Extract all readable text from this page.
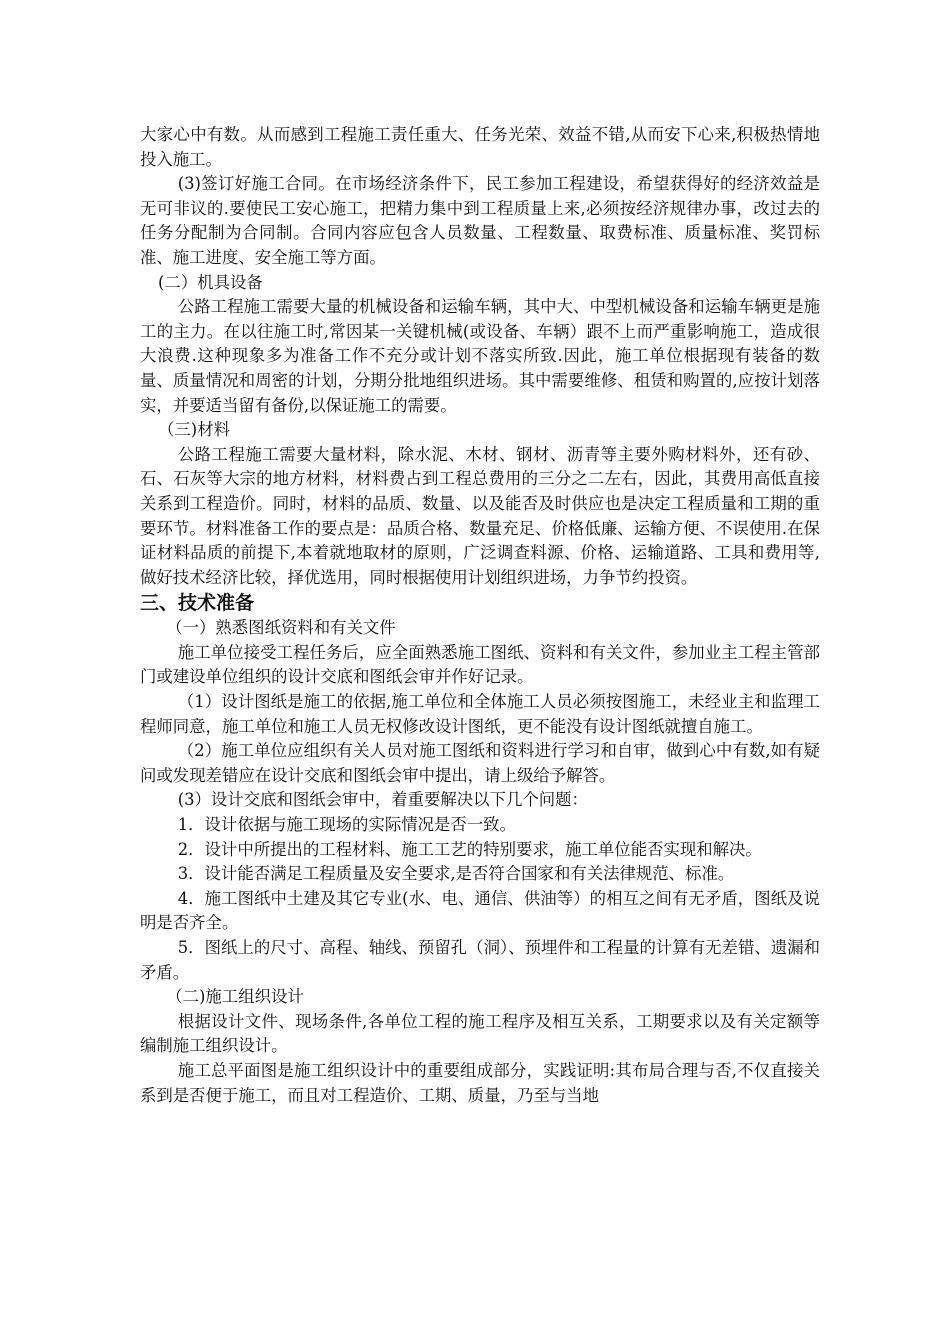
大家心中有数。从而感到工程施工责任重大、任务光荣、效益不错,从而安下心来,积极热情地投入施工。

(3)签订好施工合同。在市场经济条件下，民工参加工程建设，希望获得好的经济效益是无可非议的.要使民工安心施工，把精力集中到工程质量上来,必须按经济规律办事，改过去的任务分配制为合同制。合同内容应包含人员数量、工程数量、取费标准、质量标准、奖罚标准、施工进度、安全施工等方面。

(二）机具设备

公路工程施工需要大量的机械设备和运输车辆，其中大、中型机械设备和运输车辆更是施工的主力。在以往施工时,常因某一关键机械(或设备、车辆）跟不上而严重影响施工，造成很大浪费.这种现象多为准备工作不充分或计划不落实所致.因此，施工单位根据现有装备的数量、质量情况和周密的计划，分期分批地组织进场。其中需要维修、租赁和购置的,应按计划落实，并要适当留有备份,以保证施工的需要。

（三)材料

公路工程施工需要大量材料，除水泥、木材、钢材、沥青等主要外购材料外，还有砂、石、石灰等大宗的地方材料，材料费占到工程总费用的三分之二左右，因此，其费用高低直接关系到工程造价。同时，材料的品质、数量、以及能否及时供应也是决定工程质量和工期的重要环节。材料准备工作的要点是：品质合格、数量充足、价格低廉、运输方便、不误使用.在保证材料品质的前提下,本着就地取材的原则，广泛调查料源、价格、运输道路、工具和费用等,做好技术经济比较，择优选用，同时根据使用计划组织进场，力争节约投资。

三、技术准备

（一）熟悉图纸资料和有关文件

施工单位接受工程任务后，应全面熟悉施工图纸、资料和有关文件，参加业主工程主管部门或建设单位组织的设计交底和图纸会审并作好记录。

（1）设计图纸是施工的依据,施工单位和全体施工人员必须按图施工，未经业主和监理工程师同意，施工单位和施工人员无权修改设计图纸，更不能没有设计图纸就擅自施工。

（2）施工单位应组织有关人员对施工图纸和资料进行学习和自审，做到心中有数,如有疑问或发现差错应在设计交底和图纸会审中提出，请上级给予解答。

(3）设计交底和图纸会审中，着重要解决以下几个问题：

1．设计依据与施工现场的实际情况是否一致。

2．设计中所提出的工程材料、施工工艺的特别要求，施工单位能否实现和解决。

3．设计能否满足工程质量及安全要求,是否符合国家和有关法律规范、标准。

4．施工图纸中土建及其它专业(水、电、通信、供油等）的相互之间有无矛盾，图纸及说明是否齐全。

5．图纸上的尺寸、高程、轴线、预留孔（洞）、预埋件和工程量的计算有无差错、遗漏和矛盾。

（二)施工组织设计

根据设计文件、现场条件,各单位工程的施工程序及相互关系，工期要求以及有关定额等编制施工组织设计。

施工总平面图是施工组织设计中的重要组成部分，实践证明:其布局合理与否,不仅直接关系到是否便于施工，而且对工程造价、工期、质量，乃至与当地
